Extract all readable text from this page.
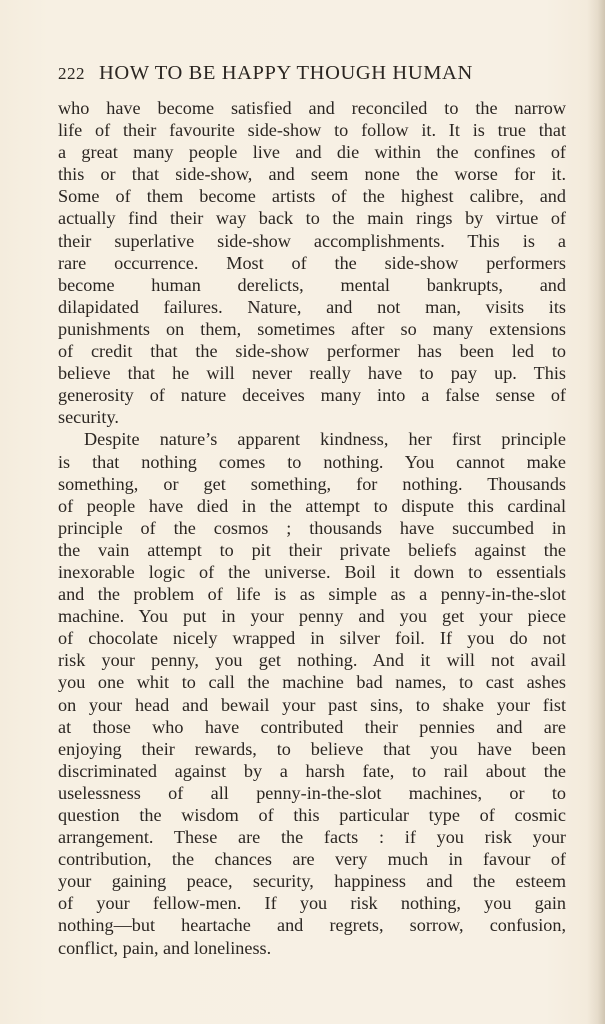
222 HOW TO BE HAPPY THOUGH HUMAN
who have become satisfied and reconciled to the narrow
life of their favourite side-show to follow it. It is true that
a great many people live and die within the confines of
this or that side-show, and seem none the worse for it.
Some of them become artists of the highest calibre, and
actually find their way back to the main rings by virtue of
their superlative side-show accomplishments. This is a
rare occurrence. Most of the side-show performers
become human derelicts, mental bankrupts, and
dilapidated failures. Nature, and not man, visits its
punishments on them, sometimes after so many extensions
of credit that the side-show performer has been led to
believe that he will never really have to pay up. This
generosity of nature deceives many into a false sense of
security.
Despite nature’s apparent kindness, her first principle
is that nothing comes to nothing. You cannot make
something, or get something, for nothing. Thousands
of people have died in the attempt to dispute this cardinal
principle of the cosmos ; thousands have succumbed in
the vain attempt to pit their private beliefs against the
inexorable logic of the universe. Boil it down to essentials
and the problem of life is as simple as a penny-in-the-slot
machine. You put in your penny and you get your piece
of chocolate nicely wrapped in silver foil. If you do not
risk your penny, you get nothing. And it will not avail
you one whit to call the machine bad names, to cast ashes
on your head and bewail your past sins, to shake your fist
at those who have contributed their pennies and are
enjoying their rewards, to believe that you have been
discriminated against by a harsh fate, to rail about the
uselessness of all penny-in-the-slot machines, or to
question the wisdom of this particular type of cosmic
arrangement. These are the facts : if you risk your
contribution, the chances are very much in favour of
your gaining peace, security, happiness and the esteem
of your fellow-men. If you risk nothing, you gain
nothing—but heartache and regrets, sorrow, confusion,
conflict, pain, and loneliness.
